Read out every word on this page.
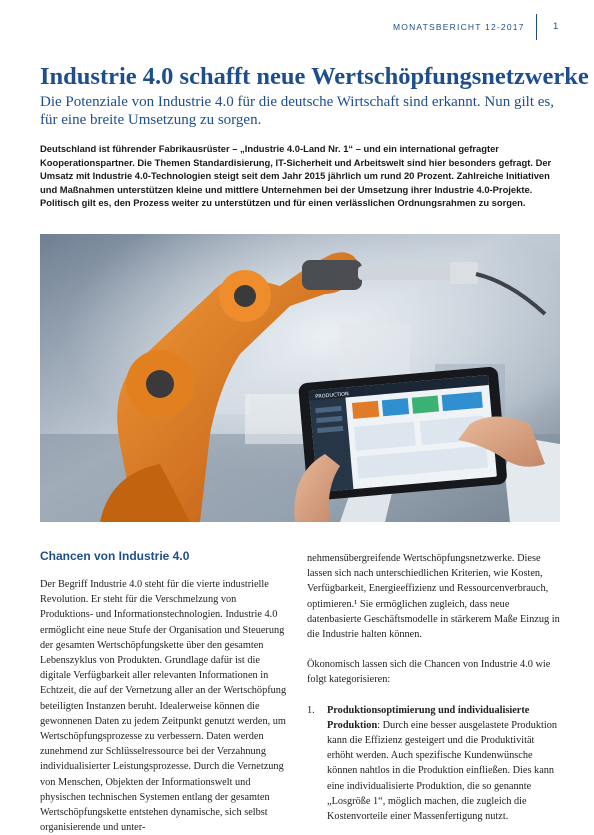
MONATSBERICHT 12-2017	1
Industrie 4.0 schafft neue Wertschöpfungsnetzwerke
Die Potenziale von Industrie 4.0 für die deutsche Wirtschaft sind erkannt. Nun gilt es, für eine breite Umsetzung zu sorgen.
Deutschland ist führender Fabrikausrüster – „Industrie 4.0-Land Nr. 1“ – und ein international gefragter Kooperationspartner. Die Themen Standardisierung, IT-Sicherheit und Arbeitswelt sind hier besonders gefragt. Der Umsatz mit Industrie 4.0-Technologien steigt seit dem Jahr 2015 jährlich um rund 20 Prozent. Zahlreiche Initiativen und Maßnahmen unterstützen kleine und mittlere Unternehmen bei der Umsetzung ihrer Industrie 4.0-Projekte. Politisch gilt es, den Prozess weiter zu unterstützen und für einen verlässlichen Ordnungsrahmen zu sorgen.
PRODUCTION
Chancen von Industrie 4.0

Der Begriff Industrie 4.0 steht für die vierte industrielle Revolution. Er steht für die Verschmelzung von Produktions- und Informationstechnologien. Industrie 4.0 ermöglicht eine neue Stufe der Organisation und Steuerung der gesamten Wertschöpfungskette über den gesamten Lebenszyklus von Produkten. Grundlage dafür ist die digitale Verfügbarkeit aller relevanten Informationen in Echtzeit, die auf der Vernetzung aller an der Wertschöpfung beteiligten Instanzen beruht. Idealerweise können die gewonnenen Daten zu jedem Zeitpunkt genutzt werden, um Wertschöpfungsprozesse zu verbessern. Daten werden zunehmend zur Schlüsselressource bei der Verzahnung individualisierter Leistungsprozesse. Durch die Vernetzung von Menschen, Objekten der Informationswelt und physischen technischen Systemen entlang der gesamten Wertschöpfungskette entstehen dynamische, sich selbst organisierende und unter-

nehmensübergreifende Wertschöpfungsnetzwerke. Diese lassen sich nach unterschiedlichen Kriterien, wie Kosten, Verfügbarkeit, Energieeffizienz und Ressourcenverbrauch, optimieren.¹ Sie ermöglichen zugleich, dass neue datenbasierte Geschäftsmodelle in stärkerem Maße Einzug in die Industrie halten können.

Ökonomisch lassen sich die Chancen von Industrie 4.0 wie folgt kategorisieren:

1.	Produktionsoptimierung und individualisierte Produktion: Durch eine besser ausgelastete Produktion kann die Effizienz gesteigert und die Produktivität erhöht werden. Auch spezifische Kundenwünsche können nahtlos in die Produktion einfließen. Dies kann eine individualisierte Produktion, die so genannte „Losgröße 1“, möglich machen, die zugleich die Kostenvorteile einer Massenfertigung nutzt.
